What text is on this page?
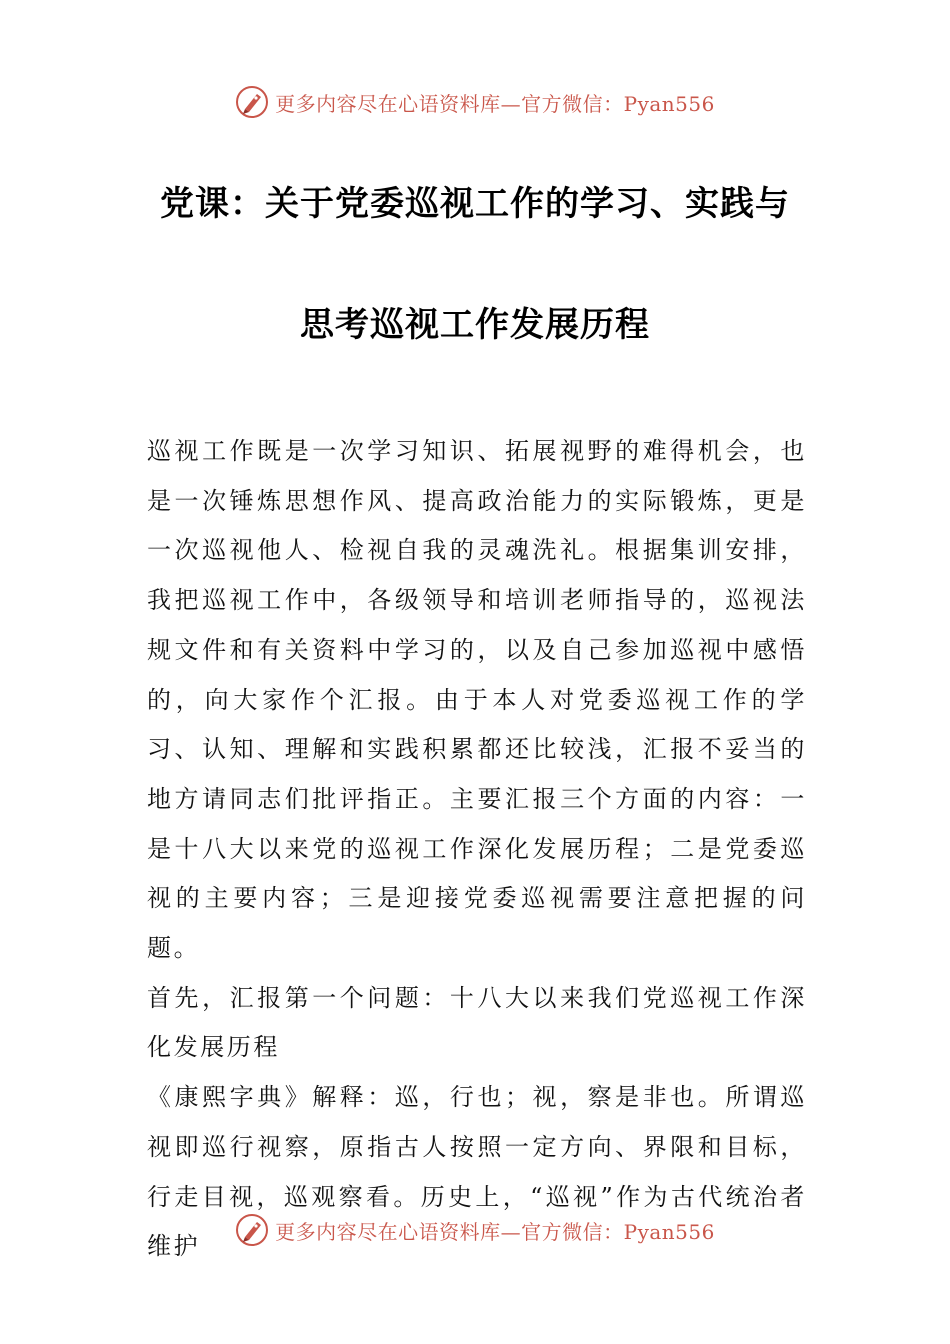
更多内容尽在心语资料库—官方微信：Pyan556
党课：关于党委巡视工作的学习、实践与
思考巡视工作发展历程

巡视工作既是一次学习知识、拓展视野的难得机会，也是一次锤炼思想作风、提高政治能力的实际锻炼，更是一次巡视他人、检视自我的灵魂洗礼。根据集训安排，我把巡视工作中，各级领导和培训老师指导的，巡视法规文件和有关资料中学习的，以及自己参加巡视中感悟的，向大家作个汇报。由于本人对党委巡视工作的学习、认知、理解和实践积累都还比较浅，汇报不妥当的地方请同志们批评指正。主要汇报三个方面的内容：一是十八大以来党的巡视工作深化发展历程；二是党委巡视的主要内容；三是迎接党委巡视需要注意把握的问题。

首先，汇报第一个问题：十八大以来我们党巡视工作深化发展历程

《康熙字典》解释：巡，行也；视，察是非也。所谓巡视即巡行视察，原指古人按照一定方向、界限和目标，行走目视，巡观察看。历史上，“巡视”作为古代统治者维护

更多内容尽在心语资料库—官方微信：Pyan556
